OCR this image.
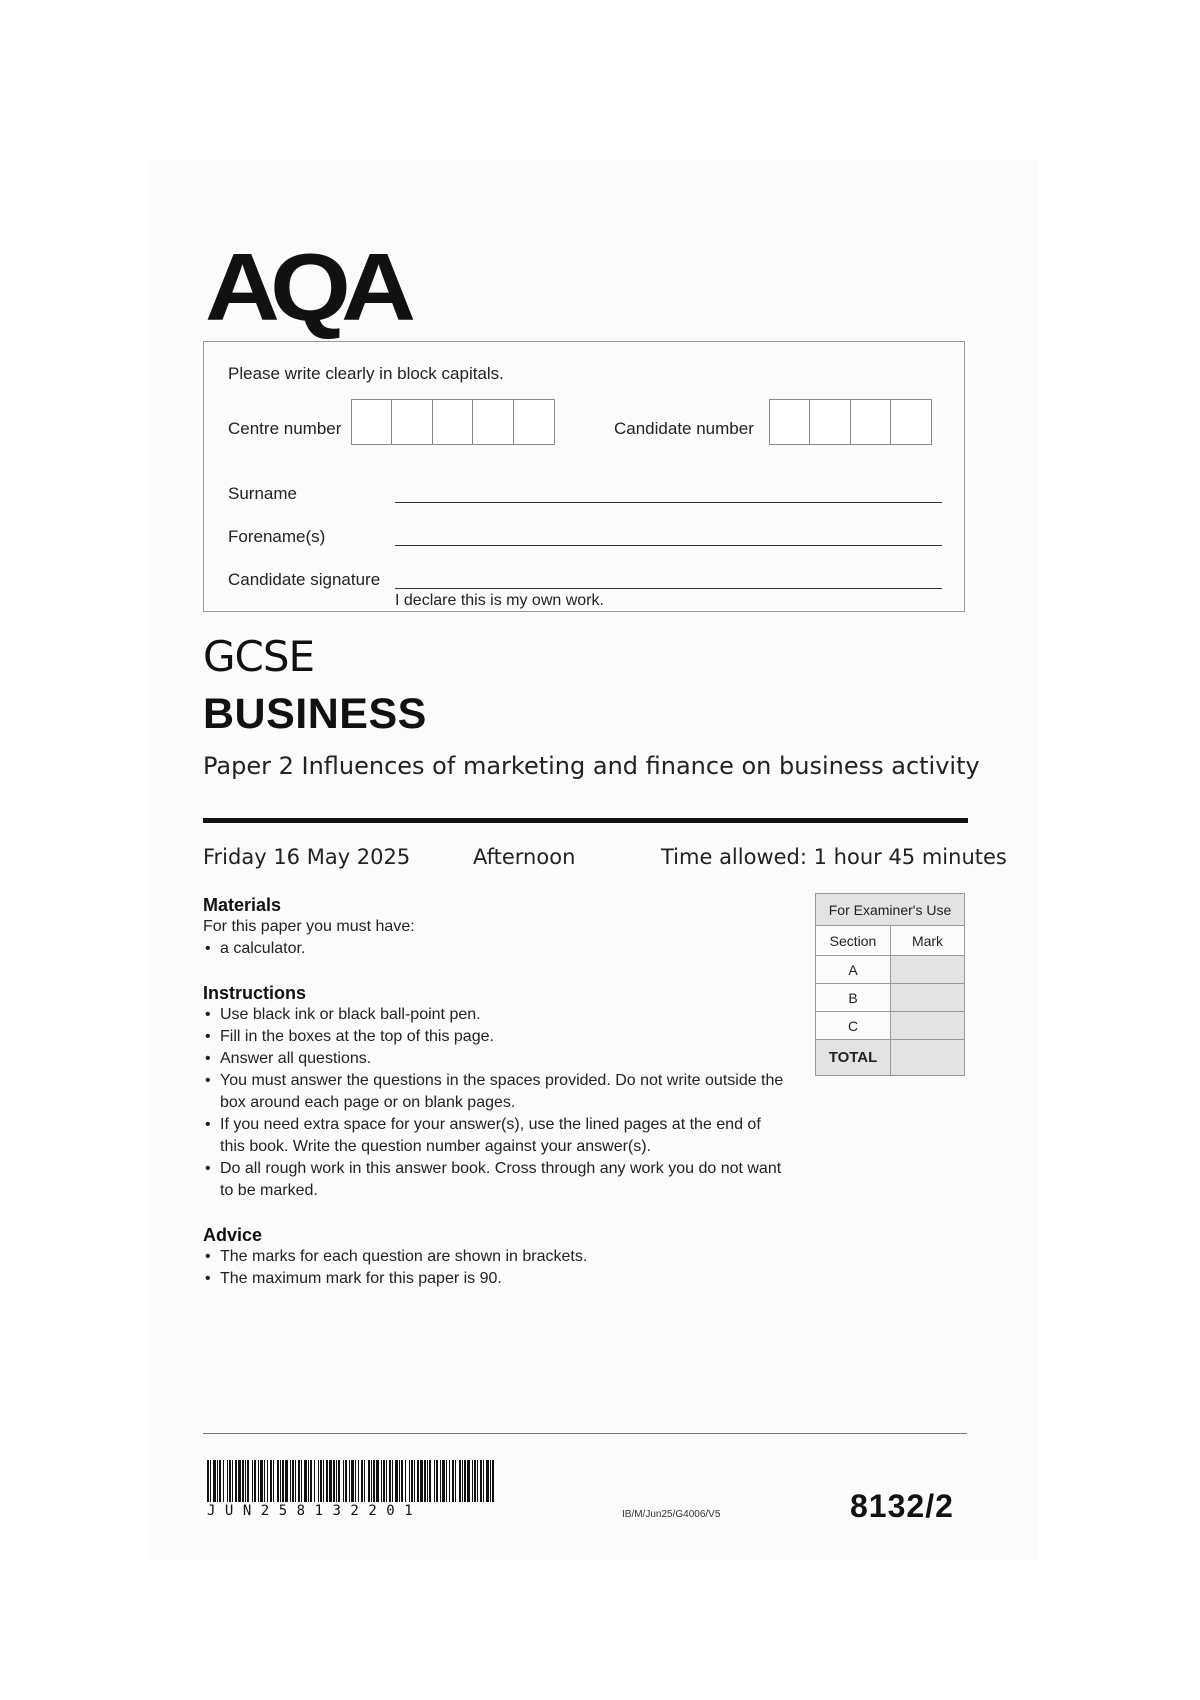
AQA
Please write clearly in block capitals.
Centre number	Candidate number
Surname
Forename(s)
Candidate signature
I declare this is my own work.
GCSE
BUSINESS
Paper 2 Influences of marketing and finance on business activity
Friday 16 May 2025	Afternoon	Time allowed: 1 hour 45 minutes
Materials
For this paper you must have:
• a calculator.
Instructions
• Use black ink or black ball-point pen.
• Fill in the boxes at the top of this page.
• Answer all questions.
• You must answer the questions in the spaces provided. Do not write outside the box around each page or on blank pages.
• If you need extra space for your answer(s), use the lined pages at the end of this book. Write the question number against your answer(s).
• Do all rough work in this answer book. Cross through any work you do not want to be marked.
Advice
• The marks for each question are shown in brackets.
• The maximum mark for this paper is 90.
For Examiner's Use	
Section	Mark
A	
B	
C	
TOTAL	
JUN258132201	IB/M/Jun25/G4006/V5	8132/2
